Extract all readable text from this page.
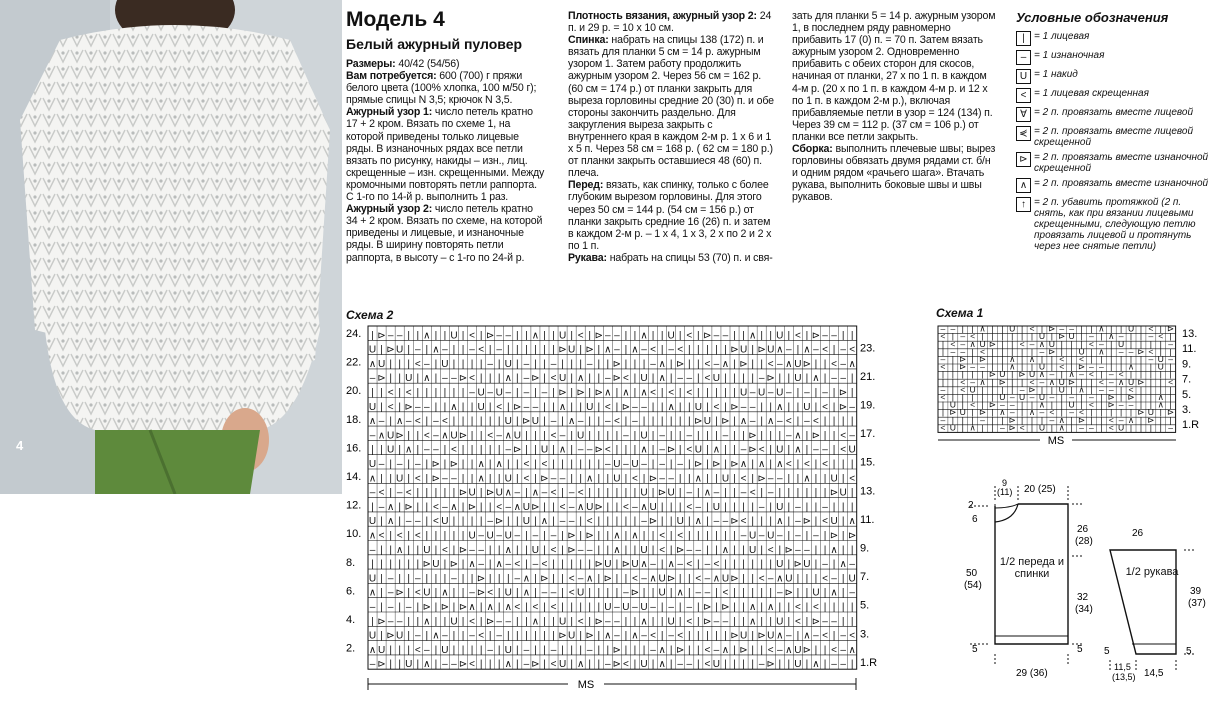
4
Модель 4
Белый ажурный пуловер

Размеры: 40/42 (54/56)

Вам потребуется: 600 (700) г пряжи белого цвета (100% хлопка, 100 м/50 г); прямые спицы N 3,5; крючок N 3,5.

Ажурный узор 1: число петель кратно 17 + 2 кром. Вязать по схеме 1, на которой приведены только лицевые ряды. В изнаночных рядах все петли вязать по рисунку, накиды – изн., лиц. скрещенные – изн. скрещенными. Между кромочными повторять петли раппорта. С 1-го по 14-й р. выполнить 1 раз.

Ажурный узор 2: число петель кратно 34 + 2 кром. Вязать по схеме, на которой приведены и лицевые, и изнаночные ряды. В ширину повторять петли раппорта, в высоту – с 1-го по 24-й р.

Плотность вязания, ажурный узор 2: 24 п. и 29 р. = 10 х 10 см.

Спинка: набрать на спицы 138 (172) п. и вязать для планки 5 см = 14 р. ажурным узором 1. Затем работу продолжить ажурным узором 2. Через 56 см = 162 р. (60 см = 174 р.) от планки закрыть для выреза горловины средние 20 (30) п. и обе стороны закончить раздельно. Для закругления выреза закрыть с внутреннего края в каждом 2-м р. 1 х 6 и 1 х 5 п. Через 58 см = 168 р. ( 62 см = 180 р.) от планки закрыть оставшиеся 48 (60) п. плеча.

Перед: вязать, как спинку, только с более глубоким вырезом горловины. Для этого через 50 см = 144 р. (54 см = 156 р.) от планки закрыть средние 16 (26) п. и затем в каждом 2-м р. – 1 х 4, 1 х 3, 2 х по 2 и 2 х по 1 п.

Рукава: набрать на спицы 53 (70) п. и свя-

зать для планки 5 = 14 р. ажурным узором 1, в последнем ряду равномерно прибавить 17 (0) п. = 70 п. Затем вязать ажурным узором 2. Одновременно прибавить с обеих сторон для скосов, начиная от планки, 27 х по 1 п. в каждом 4-м р. (20 х по 1 п. в каждом 4-м р. и 12 х по 1 п. в каждом 2-м р.), включая прибавляемые петли в узор = 124 (134) п. Через 39 см = 112 р. (37 см = 106 р.) от планки все петли закрыть.

Сборка: выполнить плечевые швы; вырез горловины обвязать двумя рядами ст. б/н и одним рядом «рачьего шага». Втачать рукава, выполнить боковые швы и швы рукавов.

Условные обозначения
| = 1 лицевая
– = 1 изнаночная
U = 1 накид
< = 1 лицевая скрещенная
∀ = 2 п. провязать вместе лицевой
⋞ = 2 п. провязать вместе лицевой скрещенной
⊳ = 2 п. провязать вместе изнаночной скрещенной
∧ = 2 п. провязать вместе изнаночной
↑ = 2 п. убавить протяжкой (2 п. снять, как при вязании лицевыми скрещенными, следующую петлю провязать лицевой и протянуть через нее снятые петли)
Схема 2
| ⊳ – – | | ∧ | | U | < | ⊳ – – | | ∧ | | U | < | ⊳ – – | | ∧ | | U | < | ⊳ – – | | ∧ | | U | < | ⊳ – – | |
U | ⊳ U | – | ∧ – | | – < | – | | | | | | ⊳ U | ⊳ | ∧ – | ∧ – < | – < | | | | | ⊳ U | ⊳ U ∧ – | ∧ – < | – <
∧ U | | | < – | U | | | | – | U | – | | – | | | – | | ⊳ | | | – ∧ | ⊳ | | < – ∧ | ⊳ | | < – ∧ U ⊳ | | < – ∧
– ⊳ | | U | ∧ | – – ⊳ < | | | ∧ | – ⊳ | < U | ∧ | | – ⊳ < | U | ∧ | – – | < U | | | | – ⊳ | | U | ∧ | – – |
| | < | < | | | | | | – U – U – | – | – | ⊳ | ⊳ | ⊳ ∧ | ∧ | ∧ < | < | < | | | | | U – U – U – | – | – | ⊳ |
U | < | ⊳ – – | | ∧ | | U | < | ⊳ – – | | ∧ | | U | < | ⊳ – – | | ∧ | | U | < | ⊳ – – | | ∧ | | U | < | ⊳ –
∧ – | ∧ – < | – < | | | | | | U | ⊳ U | – | ∧ – | | – < | – | | | | | | ⊳ U | ⊳ | ∧ – | ∧ – < | – < | | | |
– ∧ U ⊳ | | < – ∧ U ⊳ | | < – ∧ U | | | < – | U | | | | – | U | – | | – | | | – | | ⊳ | | | – ∧ | ⊳ | | < –
| | U | ∧ | – – | < | | | | | – ⊳ | | U | ∧ | – – ⊳ < | | | ∧ | – ⊳ | < U | ∧ | | – ⊳ < | U | ∧ | – – | < U
U – | – | – | ⊳ | ⊳ | | ∧ | ∧ | | < | < | | | | | | – U – U – | – | – | ⊳ | ⊳ | ⊳ ∧ | ∧ | ∧ < | < | < | | |
∧ | | U | < | ⊳ – – | | ∧ | | U | < | ⊳ – – | | ∧ | | U | < | ⊳ – – | | ∧ | | U | < | ⊳ – – | | ∧ | | U | <
– < | – < | | | | | ⊳ U | ⊳ U ∧ – | ∧ – < | – < | | | | | | U | ⊳ U | – | ∧ – | | – < | – | | | | | | ⊳ U |
| – ∧ | ⊳ | | < – ∧ | ⊳ | | < – ∧ U ⊳ | | < – ∧ U ⊳ | | < – ∧ U | | | < – | U | | | | – | U | – | | – | | |
U | ∧ | – – | < U | | | | – ⊳ | | U | ∧ | – – | < | | | | | – ⊳ | | U | ∧ | – – ⊳ < | | | ∧ | – ⊳ | < U | ∧
∧ < | < | < | | | | | U – U – U – | – | – | ⊳ | ⊳ | | ∧ | ∧ | | < | < | | | | | | – U – U – | – | – | ⊳ | ⊳
– | | ∧ | | U | < | ⊳ – – | | ∧ | | U | < | ⊳ – – | | ∧ | | U | < | ⊳ – – | | ∧ | | U | < | ⊳ – – | | ∧ | |
| | | | | | ⊳ U | ⊳ | ∧ – | ∧ – < | – < | | | | | ⊳ U | ⊳ U ∧ – | ∧ – < | – < | | | | | | U | ⊳ U | – | ∧ –
U | – | | – | | | – | | ⊳ | | | – ∧ | ⊳ | | < – ∧ | ⊳ | | < – ∧ U ⊳ | | < – ∧ U ⊳ | | < – ∧ U | | | < – | U
∧ | – ⊳ | < U | ∧ | | – ⊳ < | U | ∧ | – – | < U | | | | – ⊳ | | U | ∧ | – – | < | | | | | – ⊳ | | U | ∧ | –
– | – | – | ⊳ | ⊳ | ⊳ ∧ | ∧ | ∧ < | < | < | | | | | U – U – U – | – | – | ⊳ | ⊳ | | ∧ | ∧ | | < | < | | | |
| ⊳ – – | | ∧ | | U | < | ⊳ – – | | ∧ | | U | < | ⊳ – – | | ∧ | | U | < | ⊳ – – | | ∧ | | U | < | ⊳ – – | |
U | ⊳ U | – | ∧ – | | – < | – | | | | | | ⊳ U | ⊳ | ∧ – | ∧ – < | – < | | | | | ⊳ U | ⊳ U ∧ – | ∧ – < | – <
∧ U | | | < – | U | | | | – | U | – | | – | | | – | | ⊳ | | | – ∧ | ⊳ | | < – ∧ | ⊳ | | < – ∧ U ⊳ | | < – ∧
– ⊳ | | U | ∧ | – – ⊳ < | | | ∧ | – ⊳ | < U | ∧ | | – ⊳ < | U | ∧ | – – | < U | | | | – ⊳ | | U | ∧ | – – |
24.
22.
20.
18.
16.
14.
12.
10.
8.
6.
4.
2.
23.
21.
19.
17.
15.
13.
11.
9.
7.
5.
3.
1.R
MS
Схема 1
– – | | ∧ | | U | < | ⊳ – – | | ∧ | | U | < | ⊳
< | – < | | | | | | U | ⊳ U | – | ∧ – | | – < |
| < – ∧ U ⊳ | | < – ∧ U | | | < – | U | | | | –
| – – | < | | | | | – ⊳ | | U | ∧ | – – ⊳ < | |
– | ⊳ | ⊳ | | ∧ | ∧ | | < | < | | | | | | – U –
< | ⊳ – – | | ∧ | | U | < | ⊳ – – | | ∧ | | U |
| | | | | ⊳ U | ⊳ U ∧ – | ∧ – < | – < | | | | |
| | < – ∧ | ⊳ | | < – ∧ U ⊳ | | < – ∧ U ⊳ | | <
– | < U | | | | – ⊳ | | U | ∧ | – – | < | | | |
< | | | | | U – U – U – | – | – | ⊳ | ⊳ | | ∧ |
| U | < | ⊳ – – | | ∧ | | U | < | ⊳ – – | | ∧ |
| ⊳ U | ⊳ | ∧ – | ∧ – < | – < | | | | | ⊳ U | ⊳
– | | | – | | ⊳ | | | – ∧ | ⊳ | | < – ∧ | ⊳ | |
< U | ∧ | | – ⊳ < | U | ∧ | – – | < U | | | | –
13.
11.
9.
7.
5.
3.
1.R
MS
9
(11) 20 (25)
2
6
50
(54)
26
(28)
32
(34)
5	5
29 (36)
1/2 переда и спинки
26
39
(37)
5	5
11,5
(13,5) 14,5
1/2 рукава
